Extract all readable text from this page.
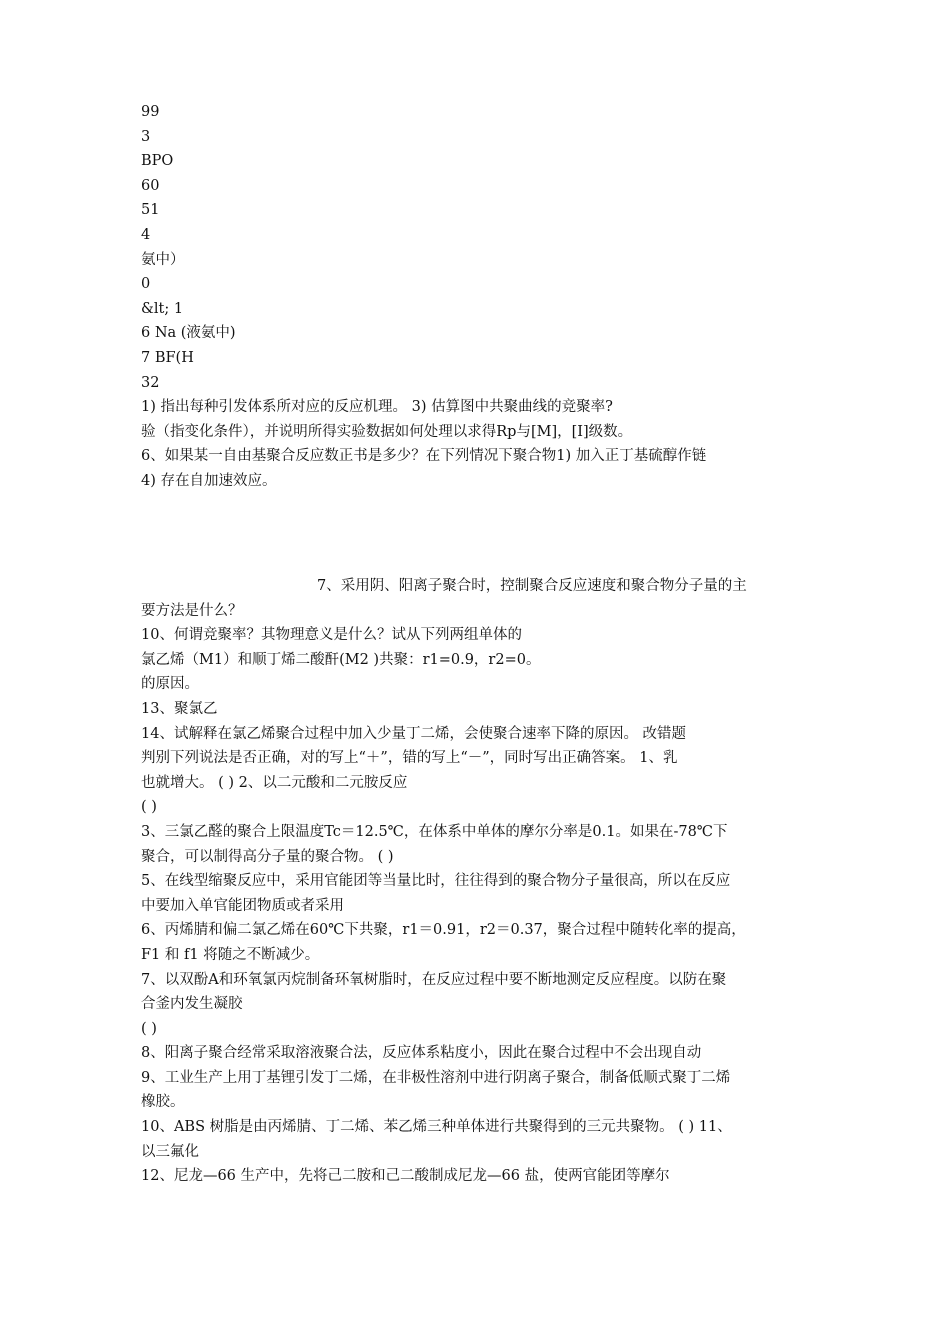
99
3
BPO
60
51
4
氨中）
0
&lt; 1
6 Na (液氨中)
7 BF(H
32
1) 指出每种引发体系所对应的反应机理。 3) 估算图中共聚曲线的竞聚率?
验（指变化条件），并说明所得实验数据如何处理以求得Rp与[M]，[I]级数。
6、如果某一自由基聚合反应数正书是多少？在下列情况下聚合物1) 加入正丁基硫醇作链
4) 存在自加速效应。
7、采用阴、阳离子聚合时，控制聚合反应速度和聚合物分子量的主
要方法是什么？
10、何谓竞聚率？其物理意义是什么？试从下列两组单体的
氯乙烯（M1）和顺丁烯二酸酐(M2 )共聚：r1=0.9，r2=0。
的原因。
13、聚氯乙
14、试解释在氯乙烯聚合过程中加入少量丁二烯，会使聚合速率下降的原因。 改错题
判别下列说法是否正确，对的写上“＋”，错的写上“－”，同时写出正确答案。 1、乳
也就增大。 ( ) 2、以二元酸和二元胺反应
( )
3、三氯乙醛的聚合上限温度Tc＝12.5℃，在体系中单体的摩尔分率是0.1。如果在-78℃下
聚合，可以制得高分子量的聚合物。 ( )
5、在线型缩聚反应中，采用官能团等当量比时，往往得到的聚合物分子量很高，所以在反应
中要加入单官能团物质或者采用
6、丙烯腈和偏二氯乙烯在60℃下共聚，r1＝0.91，r2＝0.37，聚合过程中随转化率的提高，
F1 和 f1 将随之不断减少。
7、以双酚A和环氧氯丙烷制备环氧树脂时，在反应过程中要不断地测定反应程度。以防在聚
合釜内发生凝胶
( )
8、阳离子聚合经常采取溶液聚合法，反应体系粘度小，因此在聚合过程中不会出现自动
9、工业生产上用丁基锂引发丁二烯，在非极性溶剂中进行阴离子聚合，制备低顺式聚丁二烯
橡胶。
10、ABS 树脂是由丙烯腈、丁二烯、苯乙烯三种单体进行共聚得到的三元共聚物。 ( ) 11、
以三氟化
12、尼龙—66 生产中，先将己二胺和己二酸制成尼龙—66 盐，使两官能团等摩尔
